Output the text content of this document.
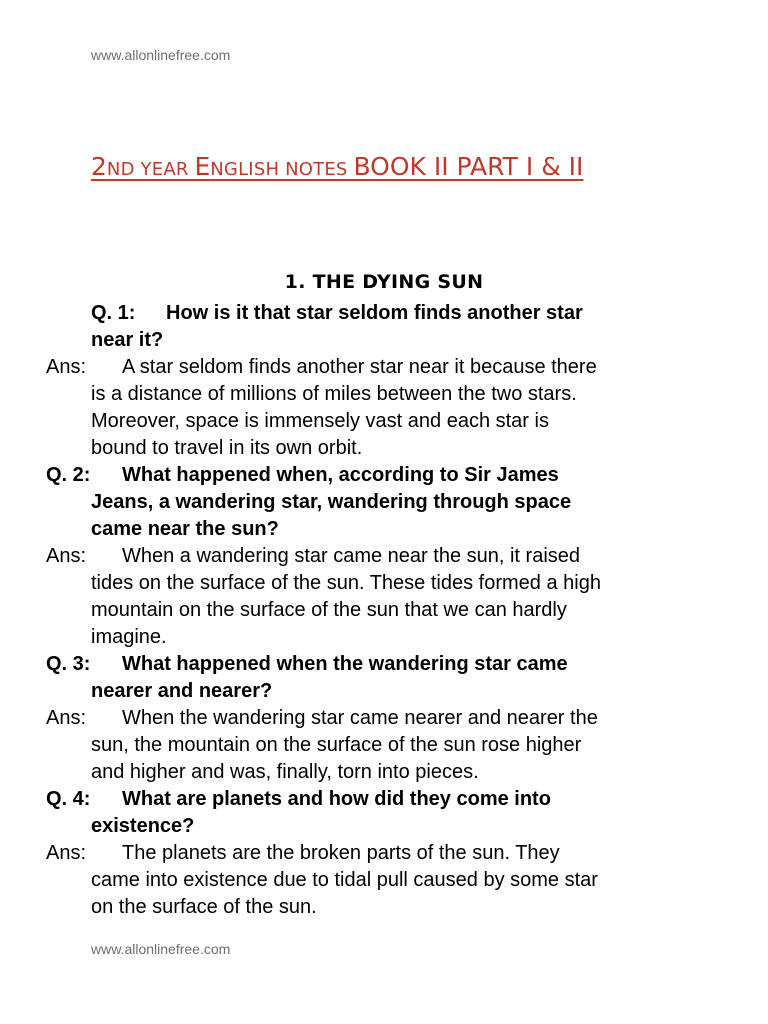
www.allonlinefree.com
2ND YEAR ENGLISH NOTES BOOK II PART I & II
1. THE DYING SUN
Q. 1: How is it that star seldom finds another star
near it?
Ans: A star seldom finds another star near it because there
is a distance of millions of miles between the two stars.
Moreover, space is immensely vast and each star is
bound to travel in its own orbit.
Q. 2: What happened when, according to Sir James
Jeans, a wandering star, wandering through space
came near the sun?
Ans: When a wandering star came near the sun, it raised
tides on the surface of the sun. These tides formed a high
mountain on the surface of the sun that we can hardly
imagine.
Q. 3: What happened when the wandering star came
nearer and nearer?
Ans: When the wandering star came nearer and nearer the
sun, the mountain on the surface of the sun rose higher
and higher and was, finally, torn into pieces.
Q. 4: What are planets and how did they come into
existence?
Ans: The planets are the broken parts of the sun. They
came into existence due to tidal pull caused by some star
on the surface of the sun.
www.allonlinefree.com
